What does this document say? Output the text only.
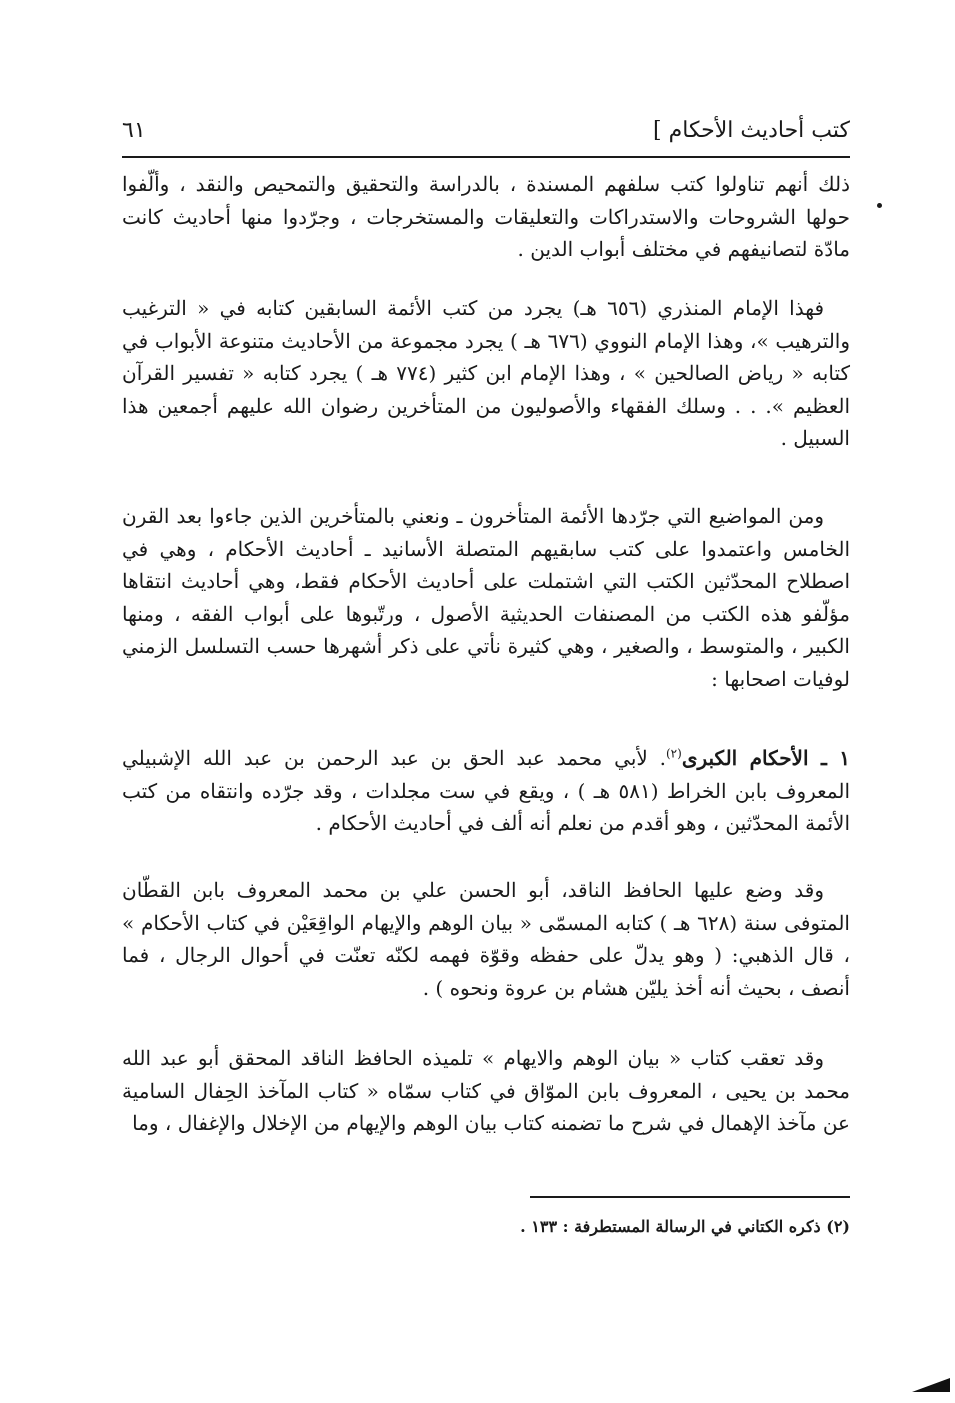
كتب أحاديث الأحكام ]
٦١

ذلك أنهم تناولوا كتب سلفهم المسندة ، بالدراسة والتحقيق والتمحيص والنقد ، وألّفوا حولها الشروحات والاستدراكات والتعليقات والمستخرجات ، وجرّدوا منها أحاديث كانت مادّة لتصانيفهم في مختلف أبواب الدين .

فهذا الإمام المنذري (٦٥٦ هـ) يجرد من كتب الأئمة السابقين كتابه في « الترغيب والترهيب »، وهذا الإمام النووي (٦٧٦ هـ ) يجرد مجموعة من الأحاديث متنوعة الأبواب في كتابه « رياض الصالحين » ، وهذا الإمام ابن كثير (٧٧٤ هـ ) يجرد كتابه « تفسير القرآن العظيم ». . . وسلك الفقهاء والأصوليون من المتأخرين رضوان الله عليهم أجمعين هذا السبيل .

ومن المواضيع التي جرّدها الأئمة المتأخرون ـ ونعني بالمتأخرين الذين جاءوا بعد القرن الخامس واعتمدوا على كتب سابقيهم المتصلة الأسانيد ـ أحاديث الأحكام ، وهي في اصطلاح المحدّثين الكتب التي اشتملت على أحاديث الأحكام فقط، وهي أحاديث انتقاها مؤلّفو هذه الكتب من المصنفات الحديثية الأصول ، ورتّبوها على أبواب الفقه ، ومنها الكبير ، والمتوسط ، والصغير ، وهي كثيرة نأتي على ذكر أشهرها حسب التسلسل الزمني لوفيات اصحابها :

١ ـ الأحكام الكبرى$^{(٢)}$. لأبي محمد عبد الحق بن عبد الرحمن بن عبد الله الإشبيلي المعروف بابن الخراط (٥٨١ هـ ) ، ويقع في ست مجلدات ، وقد جرّده وانتقاه من كتب الأئمة المحدّثين ، وهو أقدم من نعلم أنه ألف في أحاديث الأحكام .

وقد وضع عليها الحافظ الناقد، أبو الحسن علي بن محمد المعروف بابن القطّان المتوفى سنة (٦٢٨ هـ ) كتابه المسمّى « بيان الوهم والإيهام الواقِعَيْن في كتاب الأحكام » ، قال الذهبي: ( وهو يدلّ على حفظه وقوّة فهمه لكنّه تعنّت في أحوال الرجال ، فما أنصف ، بحيث أنه أخذ يليّن هشام بن عروة ونحوه ) .

وقد تعقب كتاب « بيان الوهم والايهام » تلميذه الحافظ الناقد المحقق أبو عبد الله محمد بن يحيى ، المعروف بابن الموّاق في كتاب سمّاه « كتاب المآخذ الحِفال السامية عن مآخذ الإهمال في شرح ما تضمنه كتاب بيان الوهم والإيهام من الإخلال والإغفال ، وما

(٢) ذكره الكتاني في الرسالة المستطرفة : ١٣٣ .
